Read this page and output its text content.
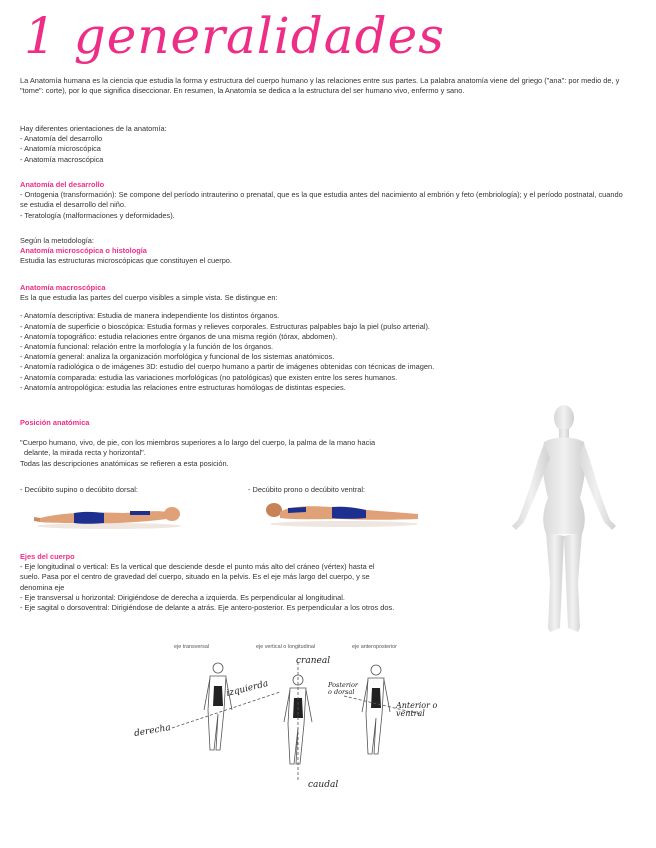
1 generalidades

La Anatomía humana es la ciencia que estudia la forma y estructura del cuerpo humano y las relaciones entre sus partes. La palabra anatomía viene del griego ("ana": por medio de, y "tome": corte), por lo que significa diseccionar. En resumen, la Anatomía se dedica a la estructura del ser humano vivo, enfermo y sano.

Hay diferentes orientaciones de la anatomía:
- Anatomía del desarrollo
- Anatomía microscópica
- Anatomía macroscópica
Anatomía del desarrollo

- Ontogenia (transformación): Se compone del período intrauterino o prenatal, que es la que estudia antes del nacimiento al embrión y feto (embriología); y el período postnatal, cuando se estudia el desarrollo del niño.

- Teratología (malformaciones y deformidades).

Según la metodología:
Anatomía microscópica o histología
Estudia las estructuras microscópicas que constituyen el cuerpo.
Anatomía macroscópica
Es la que estudia las partes del cuerpo visibles a simple vista. Se distingue en:
- Anatomía descriptiva: Estudia de manera independiente los distintos órganos.
- Anatomía de superficie o bioscópica: Estudia formas y relieves corporales. Estructuras palpables bajo la piel (pulso arterial).
- Anatomía topográfico: estudia relaciones entre órganos de una misma región (tórax, abdomen).
- Anatomía funcional: relación entre la morfología y la función de los órganos.
- Anatomía general: analiza la organización morfológica y funcional de los sistemas anatómicos.
- Anatomía radiológica o de imágenes 3D: estudio del cuerpo humano a partir de imágenes obtenidas con técnicas de imagen.
- Anatomía comparada: estudia las variaciones morfológicas (no patológicas) que existen entre los seres humanos.
- Anatomía antropológica: estudia las relaciones entre estructuras homólogas de distintas especies.
Posición anatómica
"Cuerpo humano, vivo, de pie, con los miembros superiores a lo largo del cuerpo, la palma de la mano hacia
delante, la mirada recta y horizontal".
Todas las descripciones anatómicas se refieren a esta posición.
- Decúbito supino o decúbito dorsal:	- Decúbito prono o decúbito ventral:
Ejes del cuerpo
- Eje longitudinal o vertical: Es la vertical que desciende desde el punto más alto del cráneo (vértex) hasta el
suelo. Pasa por el centro de gravedad del cuerpo, situado en la pelvis. Es el eje más largo del cuerpo, y se
denomina eje
- Eje transversal u horizontal: Dirigiéndose de derecha a izquierda. Es perpendicular al longitudinal.
- Eje sagital o dorsoventral: Dirigiéndose de delante a atrás. Eje antero-posterior. Es perpendicular a los otros dos.
eje transversal	eje vertical o longitudinal	eje anteroposterior
craneal
izquierda
derecha
caudal
Posterior o dorsal
Anterior o ventral
